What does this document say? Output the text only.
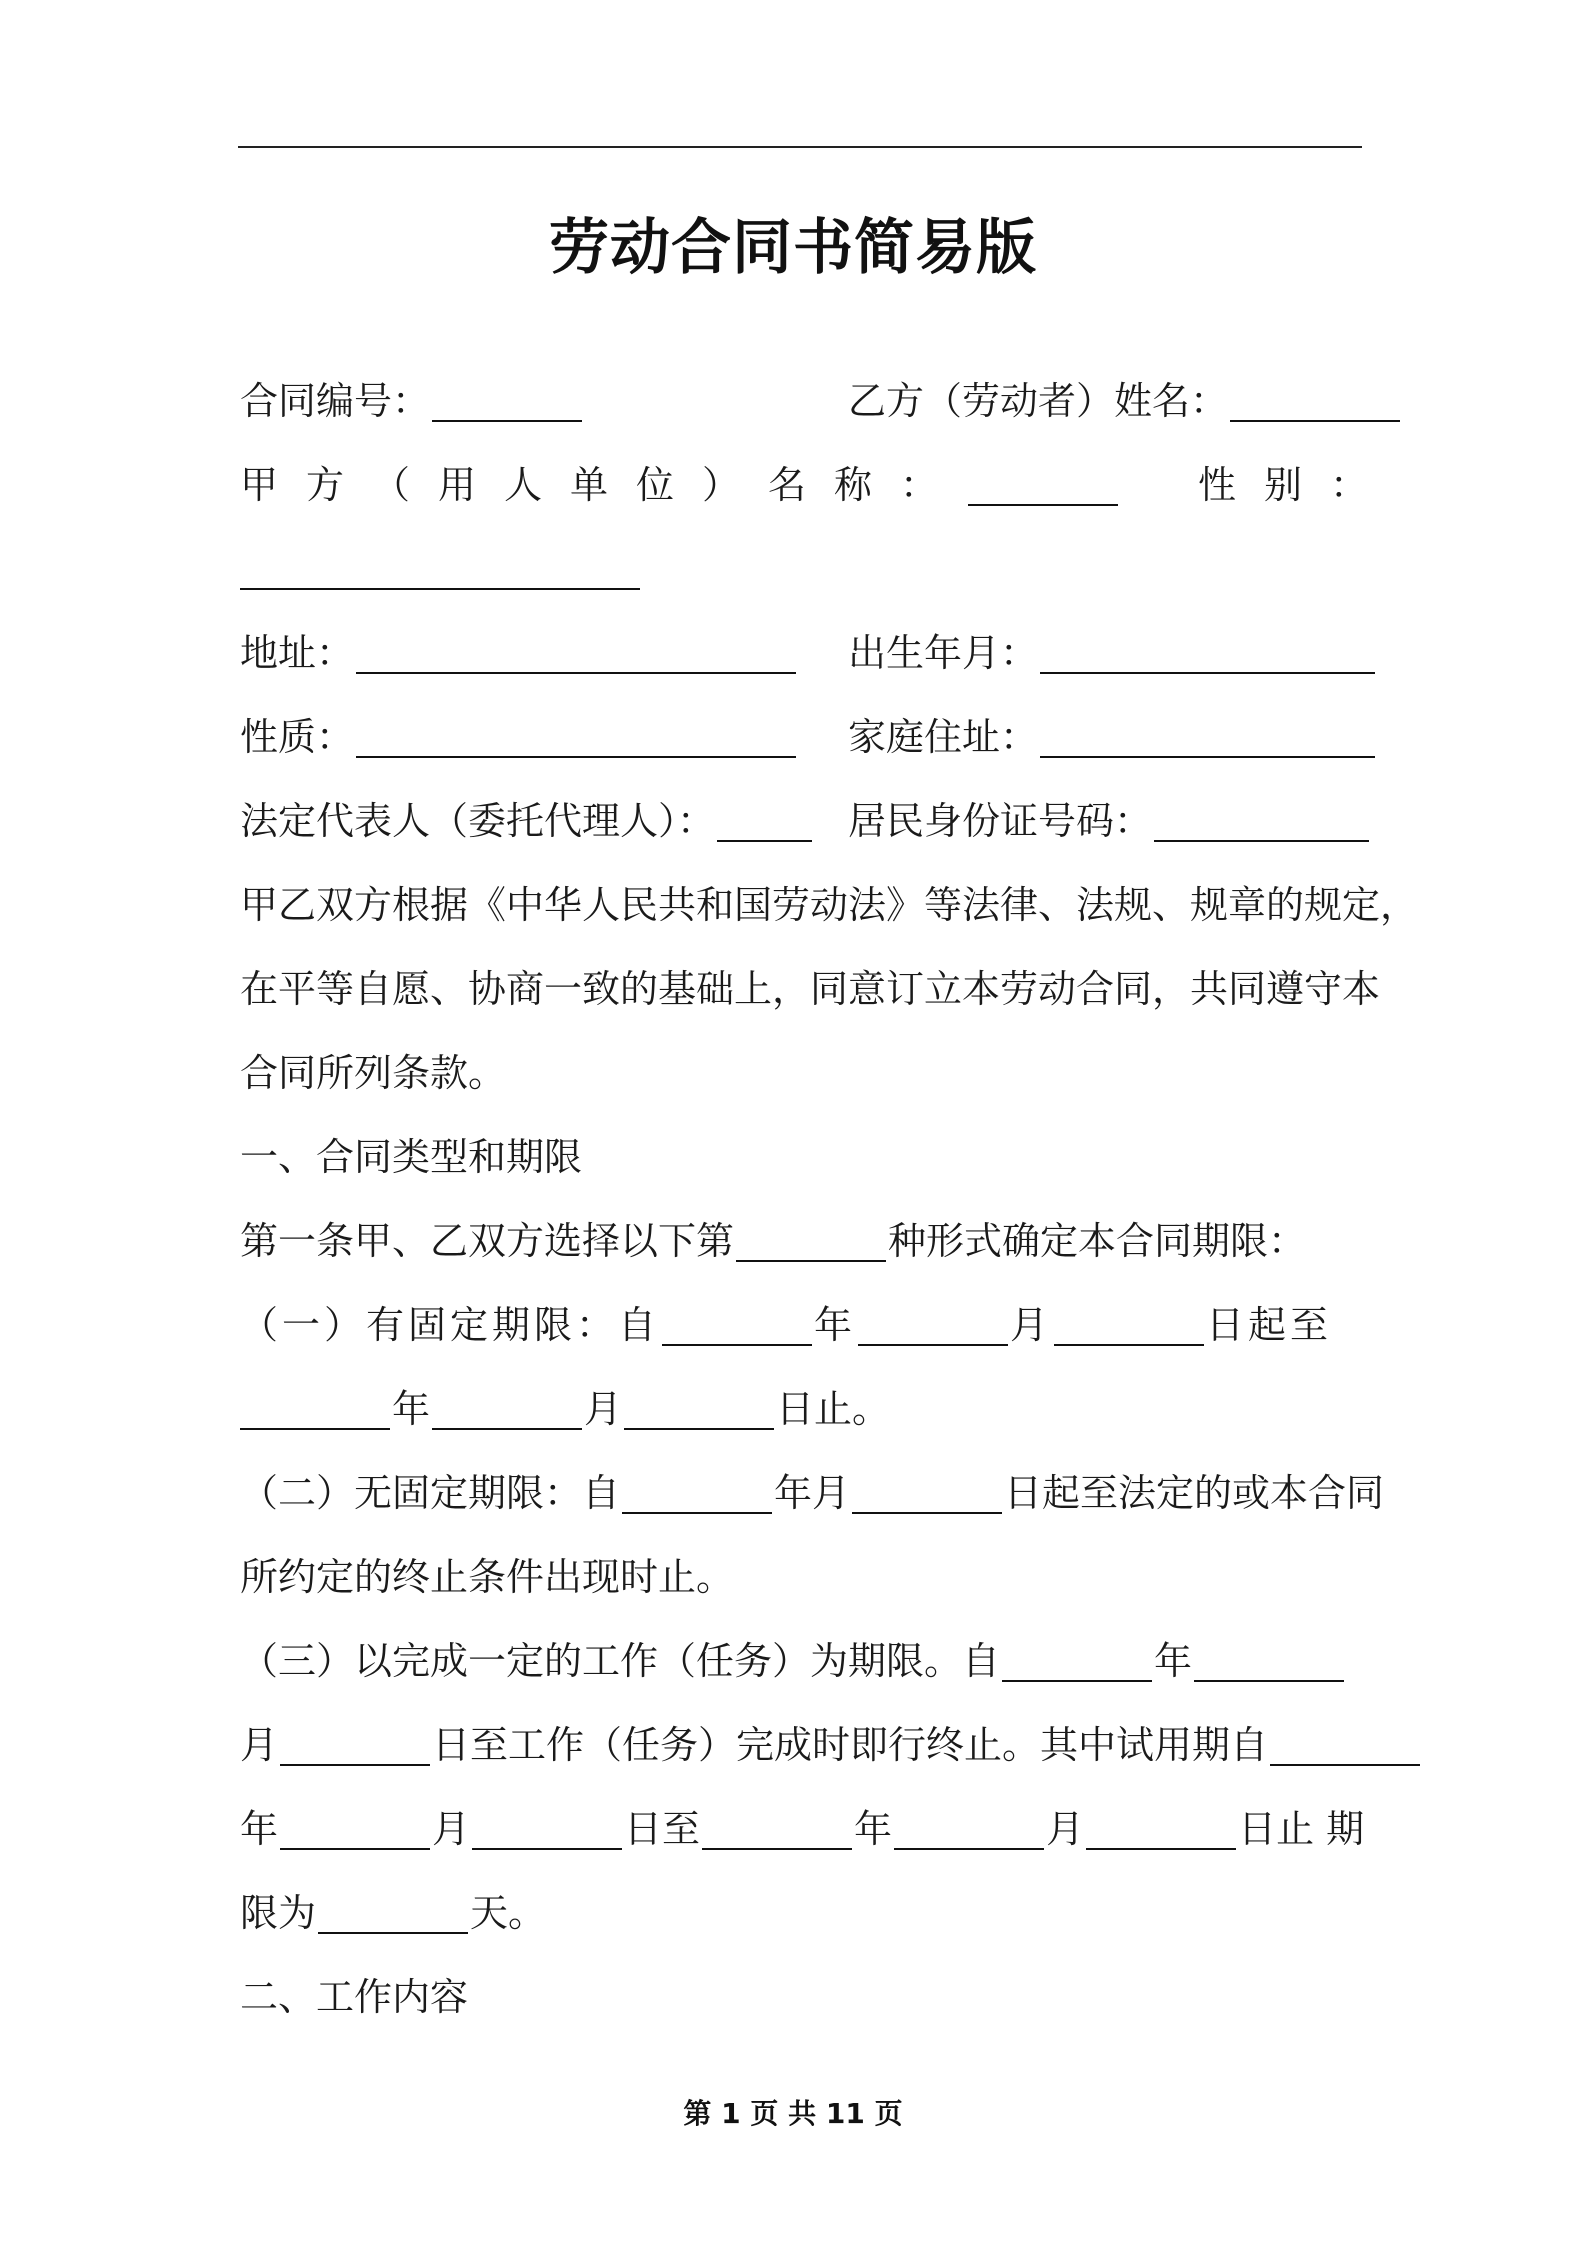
劳动合同书简易版
合同编号：	乙方（劳动者）姓名：
甲方（用人单位）名称：	性别：
地址：	出生年月：
性质：	家庭住址：
法定代表人（委托代理人）：	居民身份证号码：
甲乙双方根据《中华人民共和国劳动法》等法律、法规、规章的规定，
在平等自愿、协商一致的基础上，同意订立本劳动合同，共同遵守本
合同所列条款。
一、合同类型和期限
第一条甲、乙双方选择以下第	种形式确定本合同期限：
（一）有固定期限：自	年	月	日起至
年	月	日止。
（二）无固定期限：自	年月	日起至法定的或本合同
所约定的终止条件出现时止。
（三）以完成一定的工作（任务）为期限。自	年
月	日至工作（任务）完成时即行终止。其中试用期自
年	月	日至	年	月	日止 期
限为	天。
二、工作内容
第 1 页 共 11 页
